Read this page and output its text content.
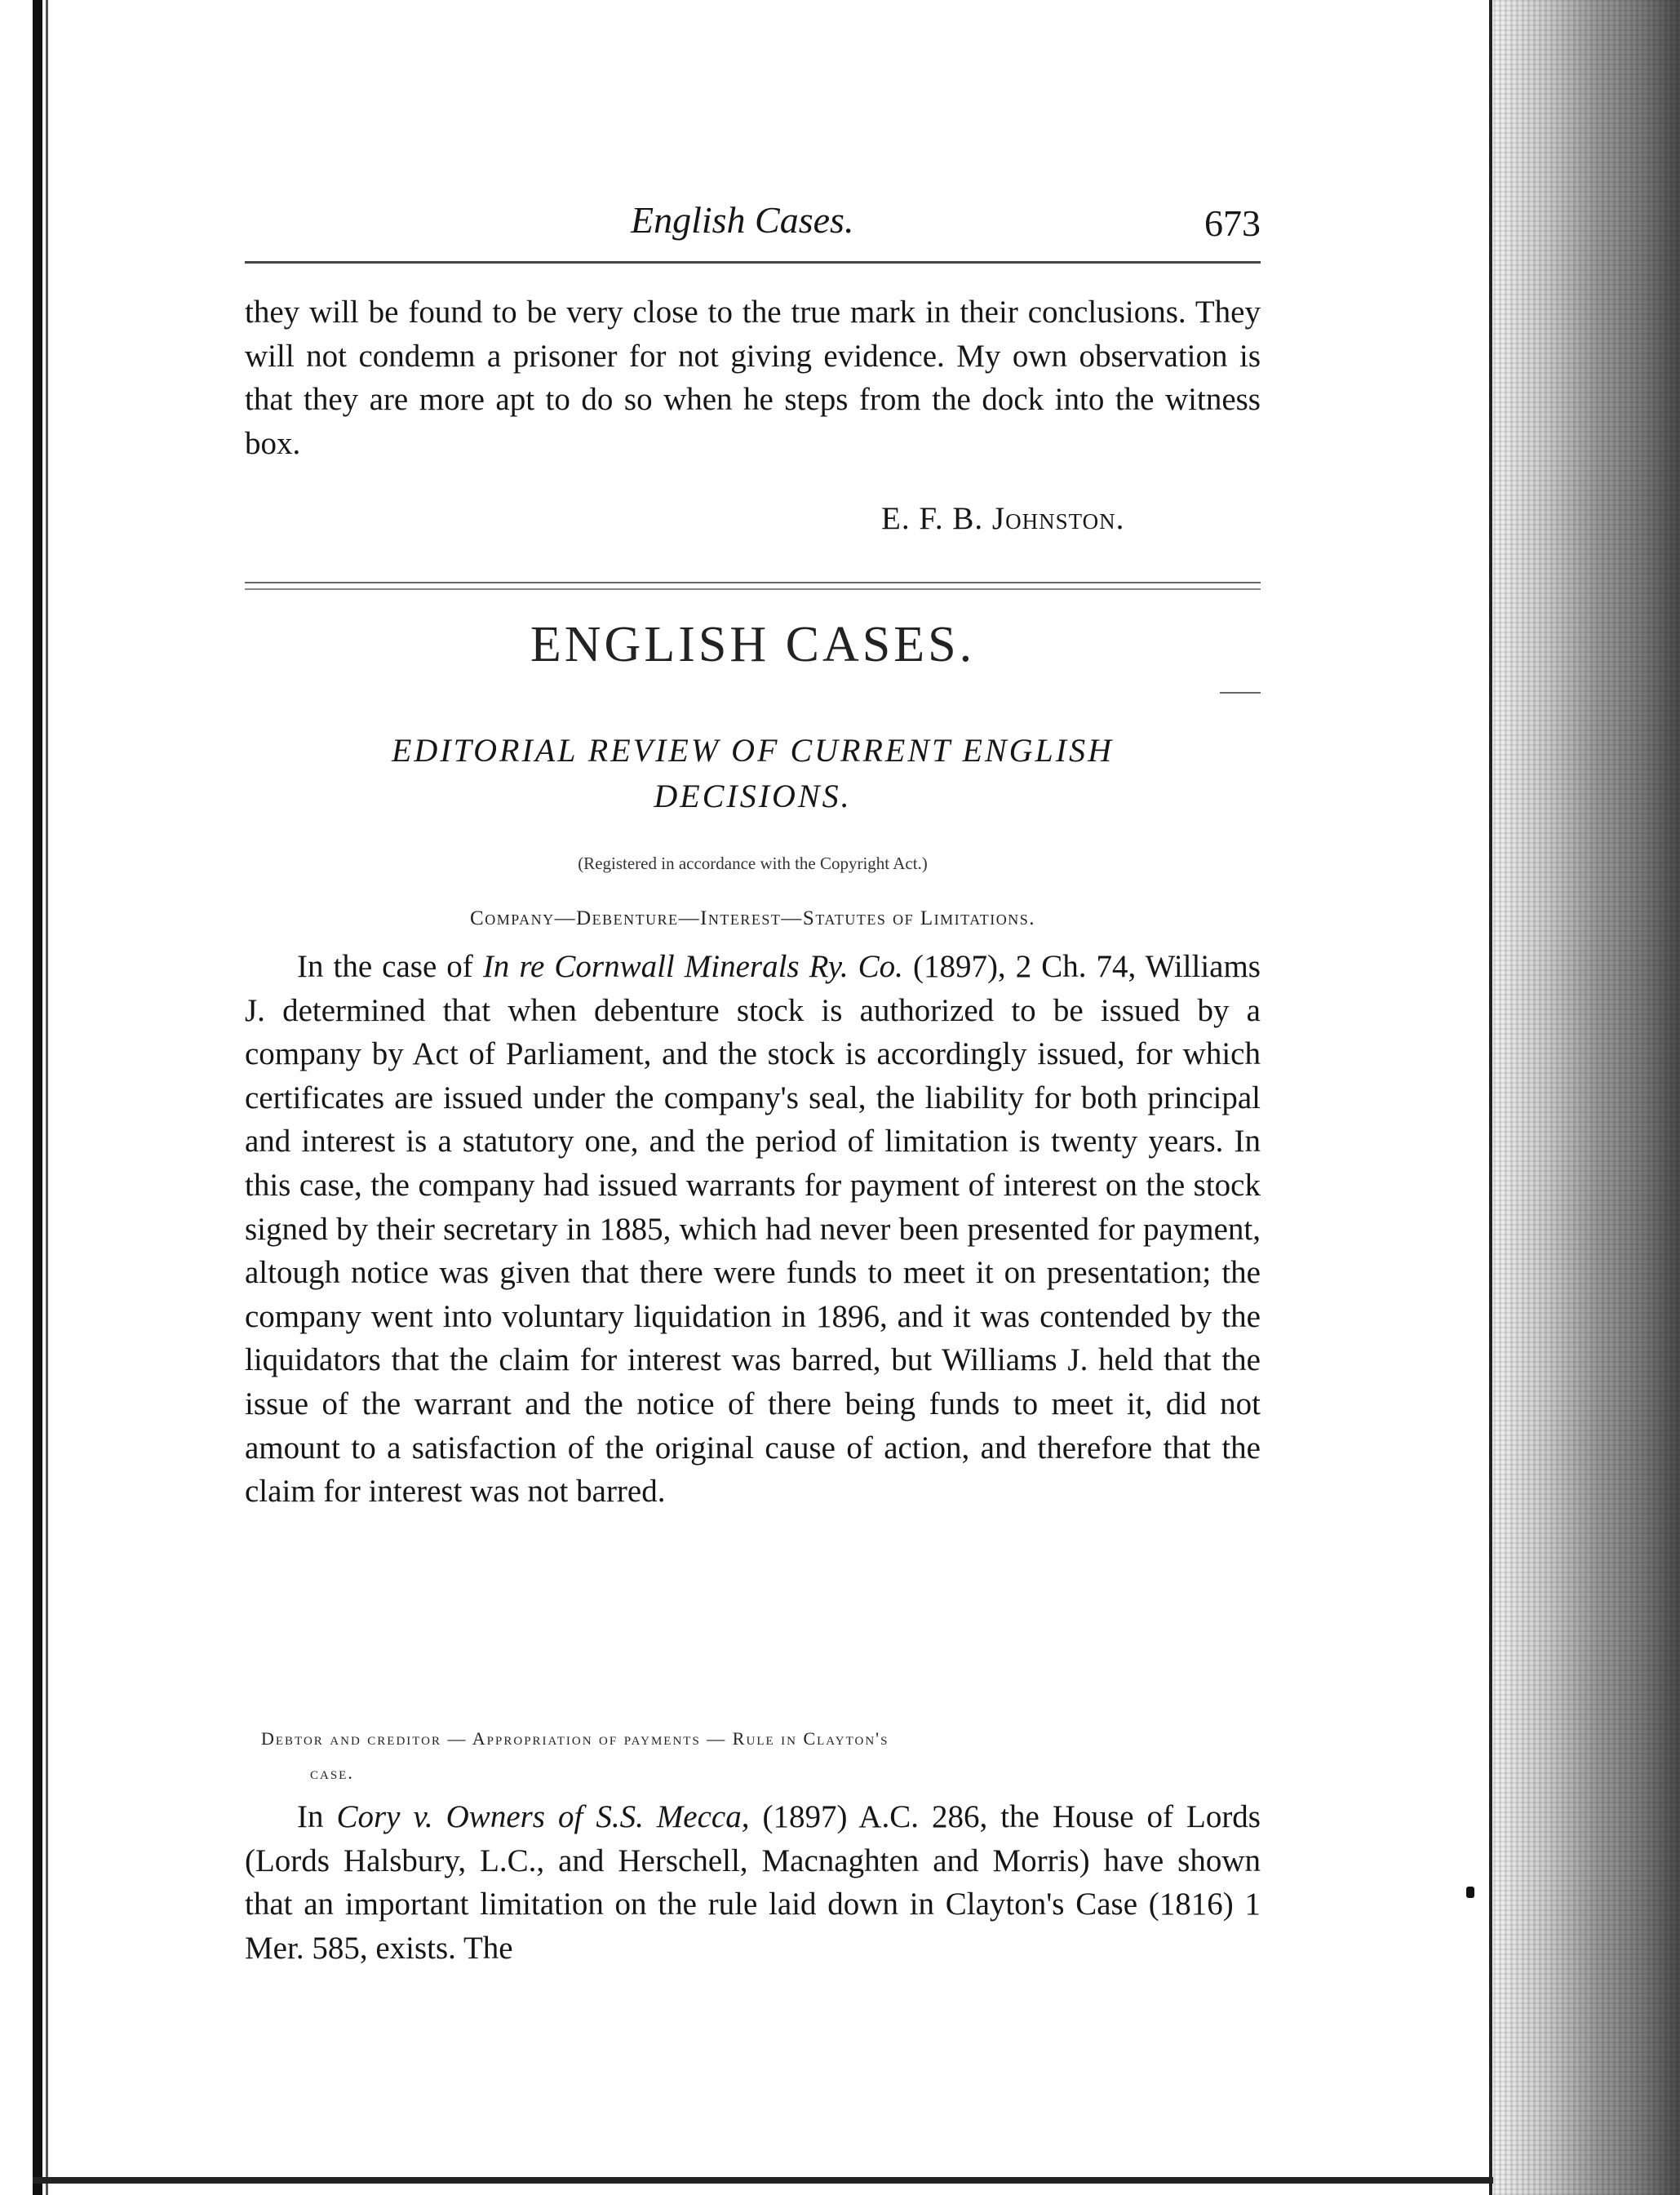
English Cases.	673
they will be found to be very close to the true mark in their conclusions. They will not condemn a prisoner for not giving evidence. My own observation is that they are more apt to do so when he steps from the dock into the witness box.
E. F. B. Johnston.
ENGLISH CASES.
EDITORIAL REVIEW OF CURRENT ENGLISH
DECISIONS.
(Registered in accordance with the Copyright Act.)
Company—Debenture—Interest—Statutes of Limitations.
In the case of In re Cornwall Minerals Ry. Co. (1897), 2 Ch. 74, Williams J. determined that when debenture stock is authorized to be issued by a company by Act of Parliament, and the stock is accordingly issued, for which certificates are issued under the company's seal, the liability for both principal and interest is a statutory one, and the period of limitation is twenty years. In this case, the company had issued warrants for payment of interest on the stock signed by their secretary in 1885, which had never been presented for payment, altough notice was given that there were funds to meet it on presentation; the company went into voluntary liquidation in 1896, and it was contended by the liquidators that the claim for interest was barred, but Williams J. held that the issue of the warrant and the notice of there being funds to meet it, did not amount to a satisfaction of the original cause of action, and therefore that the claim for interest was not barred.
Debtor and creditor — Appropriation of payments — Rule in Clayton's
case.
In Cory v. Owners of S.S. Mecca, (1897) A.C. 286, the House of Lords (Lords Halsbury, L.C., and Herschell, Macnaghten and Morris) have shown that an important limitation on the rule laid down in Clayton's Case (1816) 1 Mer. 585, exists. The
